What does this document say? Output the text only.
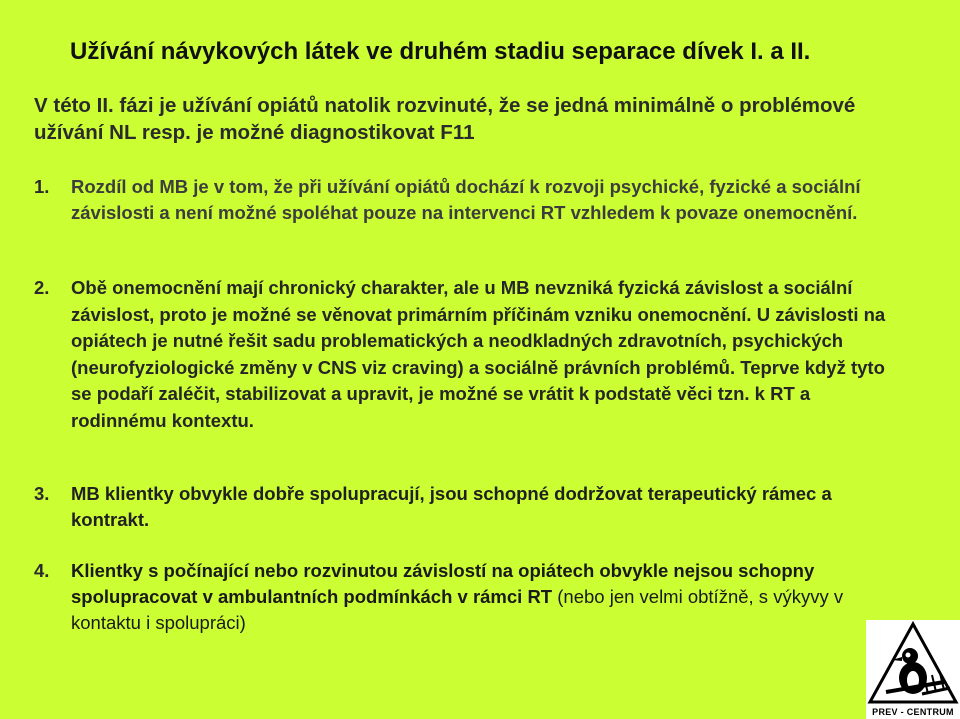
Užívání návykových látek ve druhém stadiu separace dívek I. a II.

V této II. fázi je užívání opiátů natolik rozvinuté, že se jedná minimálně o problémové užívání NL resp. je možné diagnostikovat F11

1. Rozdíl od MB je v tom, že při užívání opiátů dochází k rozvoji psychické, fyzické a sociální závislosti a není možné spoléhat pouze na intervenci RT vzhledem k povaze onemocnění.

2. Obě onemocnění mají chronický charakter, ale u MB nevzniká fyzická závislost a sociální závislost, proto je možné se věnovat primárním příčinám vzniku onemocnění. U závislosti na opiátech je nutné řešit sadu problematických a neodkladných zdravotních, psychických (neurofyziologické změny v CNS viz craving) a sociálně právních problémů. Teprve když tyto se podaří zaléčit, stabilizovat a upravit, je možné se vrátit k podstatě věci tzn. k RT a rodinnému kontextu.

3. MB klientky obvykle dobře spolupracují, jsou schopné dodržovat terapeutický rámec a kontrakt.

4. Klientky s počínající nebo rozvinutou závislostí na opiátech obvykle nejsou schopny spolupracovat v ambulantních podmínkách v rámci RT (nebo jen velmi obtížně, s výkyvy v kontaktu i spolupráci)

PREV - CENTRUM
